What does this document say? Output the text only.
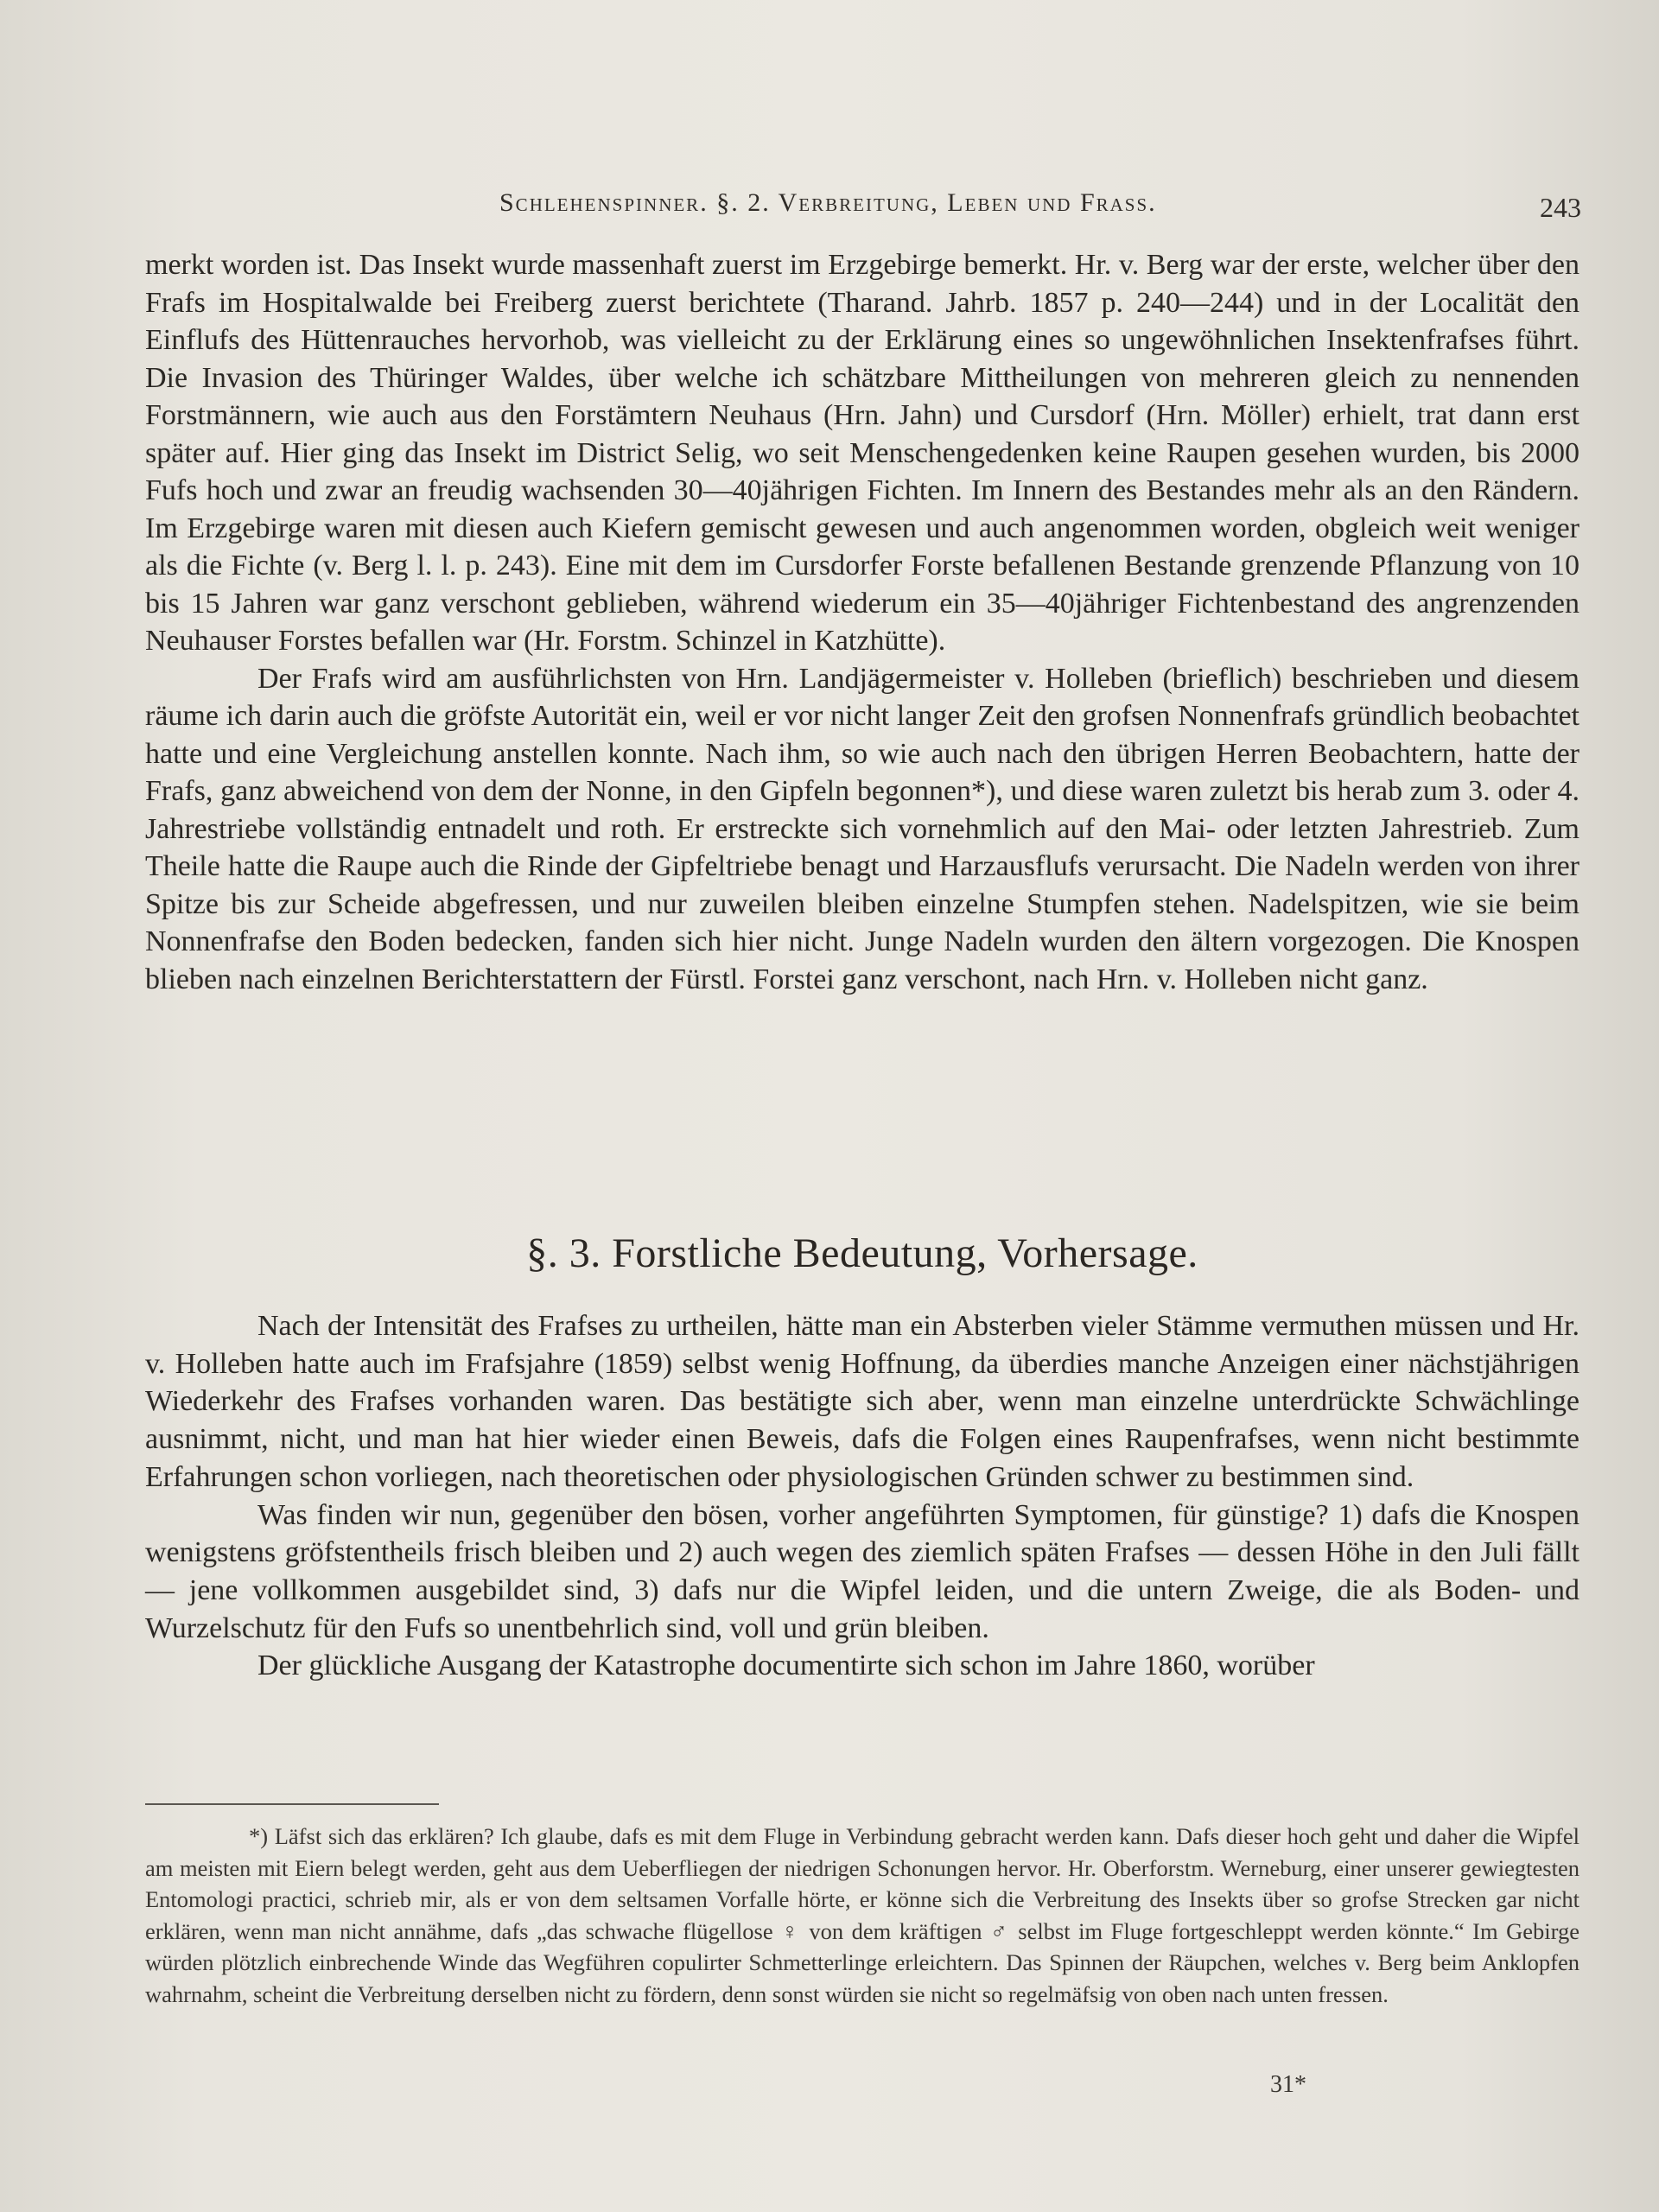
Schlehenspinner. §. 2. Verbreitung, Leben und Frass.	243

merkt worden ist. Das Insekt wurde massenhaft zuerst im Erzgebirge bemerkt. Hr. v. Berg war der erste, welcher über den Frafs im Hospitalwalde bei Freiberg zuerst berichtete (Tharand. Jahrb. 1857 p. 240—244) und in der Localität den Einflufs des Hüttenrauches hervorhob, was vielleicht zu der Erklärung eines so ungewöhnlichen Insektenfrafses führt. Die Invasion des Thüringer Waldes, über welche ich schätzbare Mittheilungen von mehreren gleich zu nennenden Forstmännern, wie auch aus den Forstämtern Neuhaus (Hrn. Jahn) und Cursdorf (Hrn. Möller) erhielt, trat dann erst später auf. Hier ging das Insekt im District Selig, wo seit Menschengedenken keine Raupen gesehen wurden, bis 2000 Fufs hoch und zwar an freudig wachsenden 30—40jährigen Fichten. Im Innern des Bestandes mehr als an den Rändern. Im Erzgebirge waren mit diesen auch Kiefern gemischt gewesen und auch angenommen worden, obgleich weit weniger als die Fichte (v. Berg l. l. p. 243). Eine mit dem im Cursdorfer Forste befallenen Bestande grenzende Pflanzung von 10 bis 15 Jahren war ganz verschont geblieben, während wiederum ein 35—40jähriger Fichtenbestand des angrenzenden Neuhauser Forstes befallen war (Hr. Forstm. Schinzel in Katzhütte).

Der Frafs wird am ausführlichsten von Hrn. Landjägermeister v. Holleben (brieflich) beschrieben und diesem räume ich darin auch die gröfste Autorität ein, weil er vor nicht langer Zeit den grofsen Nonnenfrafs gründlich beobachtet hatte und eine Vergleichung anstellen konnte. Nach ihm, so wie auch nach den übrigen Herren Beobachtern, hatte der Frafs, ganz abweichend von dem der Nonne, in den Gipfeln begonnen*), und diese waren zuletzt bis herab zum 3. oder 4. Jahrestriebe vollständig entnadelt und roth. Er erstreckte sich vornehmlich auf den Mai- oder letzten Jahrestrieb. Zum Theile hatte die Raupe auch die Rinde der Gipfeltriebe benagt und Harzausflufs verursacht. Die Nadeln werden von ihrer Spitze bis zur Scheide abgefressen, und nur zuweilen bleiben einzelne Stumpfen stehen. Nadelspitzen, wie sie beim Nonnenfrafse den Boden bedecken, fanden sich hier nicht. Junge Nadeln wurden den ältern vorgezogen. Die Knospen blieben nach einzelnen Berichterstattern der Fürstl. Forstei ganz verschont, nach Hrn. v. Holleben nicht ganz.

§. 3. Forstliche Bedeutung, Vorhersage.

Nach der Intensität des Frafses zu urtheilen, hätte man ein Absterben vieler Stämme vermuthen müssen und Hr. v. Holleben hatte auch im Frafsjahre (1859) selbst wenig Hoffnung, da überdies manche Anzeigen einer nächstjährigen Wiederkehr des Frafses vorhanden waren. Das bestätigte sich aber, wenn man einzelne unterdrückte Schwächlinge ausnimmt, nicht, und man hat hier wieder einen Beweis, dafs die Folgen eines Raupenfrafses, wenn nicht bestimmte Erfahrungen schon vorliegen, nach theoretischen oder physiologischen Gründen schwer zu bestimmen sind.

Was finden wir nun, gegenüber den bösen, vorher angeführten Symptomen, für günstige? 1) dafs die Knospen wenigstens gröfstentheils frisch bleiben und 2) auch wegen des ziemlich späten Frafses — dessen Höhe in den Juli fällt — jene vollkommen ausgebildet sind, 3) dafs nur die Wipfel leiden, und die untern Zweige, die als Boden- und Wurzelschutz für den Fufs so unentbehrlich sind, voll und grün bleiben.

Der glückliche Ausgang der Katastrophe documentirte sich schon im Jahre 1860, worüber

*) Läfst sich das erklären? Ich glaube, dafs es mit dem Fluge in Verbindung gebracht werden kann. Dafs dieser hoch geht und daher die Wipfel am meisten mit Eiern belegt werden, geht aus dem Ueberfliegen der niedrigen Schonungen hervor. Hr. Oberforstm. Werneburg, einer unserer gewiegtesten Entomologi practici, schrieb mir, als er von dem seltsamen Vorfalle hörte, er könne sich die Verbreitung des Insekts über so grofse Strecken gar nicht erklären, wenn man nicht annähme, dafs „das schwache flügellose ♀ von dem kräftigen ♂ selbst im Fluge fortgeschleppt werden könnte.“ Im Gebirge würden plötzlich einbrechende Winde das Wegführen copulirter Schmetterlinge erleichtern. Das Spinnen der Räupchen, welches v. Berg beim Anklopfen wahrnahm, scheint die Verbreitung derselben nicht zu fördern, denn sonst würden sie nicht so regelmäfsig von oben nach unten fressen.
31*
